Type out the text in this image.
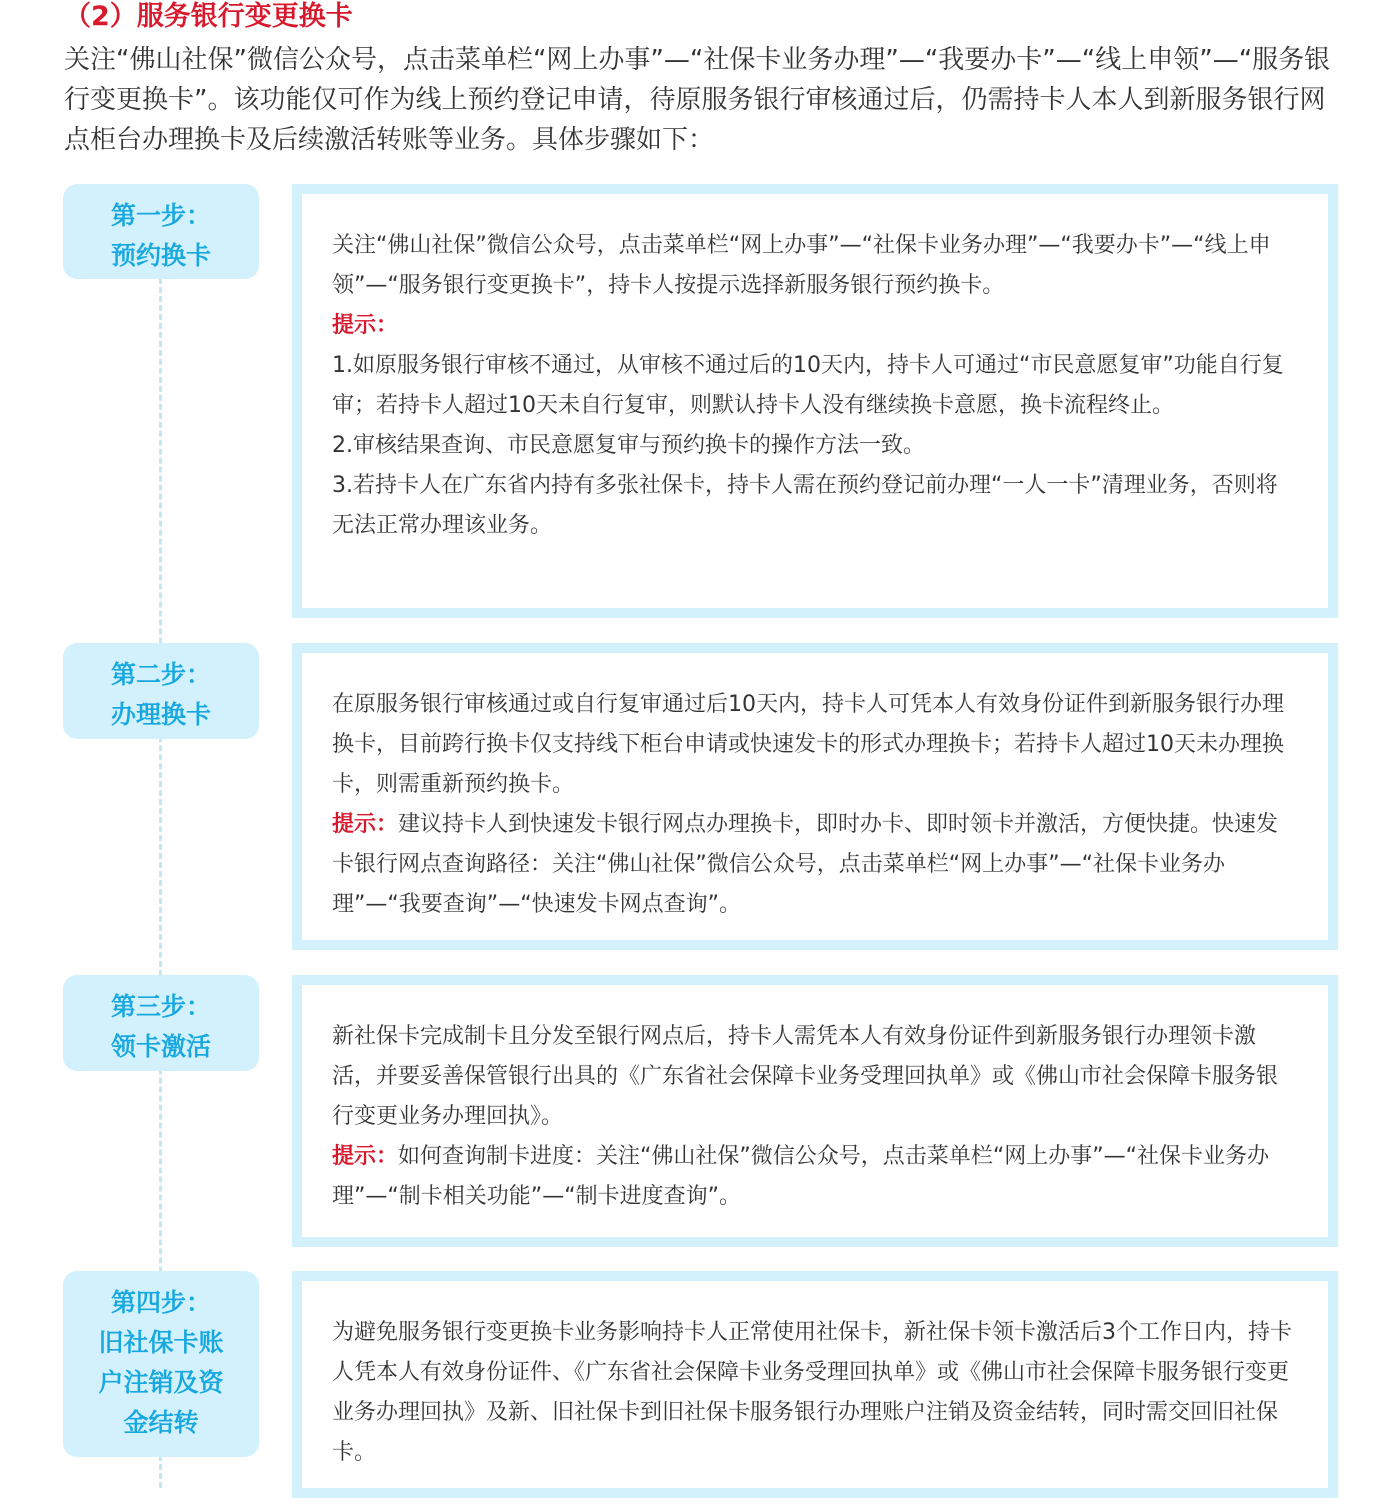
（2）服务银行变更换卡

关注“佛山社保”微信公众号，点击菜单栏“网上办事”—“社保卡业务办理”—“我要办卡”—“线上申领”—“服务银行变更换卡”。该功能仅可作为线上预约登记申请，待原服务银行审核通过后，仍需持卡人本人到新服务银行网点柜台办理换卡及后续激活转账等业务。具体步骤如下：

第一步：
预约换卡	关注“佛山社保”微信公众号，点击菜单栏“网上办事”—“社保卡业务办理”—“我要办卡”—“线上申领”—“服务银行变更换卡”，持卡人按提示选择新服务银行预约换卡。

提示：

1.如原服务银行审核不通过，从审核不通过后的10天内，持卡人可通过“市民意愿复审”功能自行复审；若持卡人超过10天未自行复审，则默认持卡人没有继续换卡意愿，换卡流程终止。

2.审核结果查询、市民意愿复审与预约换卡的操作方法一致。

3.若持卡人在广东省内持有多张社保卡，持卡人需在预约登记前办理“一人一卡”清理业务，否则将无法正常办理该业务。

第二步：
办理换卡	在原服务银行审核通过或自行复审通过后10天内，持卡人可凭本人有效身份证件到新服务银行办理换卡，目前跨行换卡仅支持线下柜台申请或快速发卡的形式办理换卡；若持卡人超过10天未办理换卡，则需重新预约换卡。

提示：建议持卡人到快速发卡银行网点办理换卡，即时办卡、即时领卡并激活，方便快捷。快速发卡银行网点查询路径：关注“佛山社保”微信公众号，点击菜单栏“网上办事”—“社保卡业务办理”—“我要查询”—“快速发卡网点查询”。

第三步：
领卡激活	新社保卡完成制卡且分发至银行网点后，持卡人需凭本人有效身份证件到新服务银行办理领卡激活，并要妥善保管银行出具的《广东省社会保障卡业务受理回执单》或《佛山市社会保障卡服务银行变更业务办理回执》。

提示：如何查询制卡进度：关注“佛山社保”微信公众号，点击菜单栏“网上办事”—“社保卡业务办理”—“制卡相关功能”—“制卡进度查询”。

第四步：
旧社保卡账
户注销及资
金结转

为避免服务银行变更换卡业务影响持卡人正常使用社保卡，新社保卡领卡激活后3个工作日内，持卡人凭本人有效身份证件、《广东省社会保障卡业务受理回执单》或《佛山市社会保障卡服务银行变更业务办理回执》及新、旧社保卡到旧社保卡服务银行办理账户注销及资金结转，同时需交回旧社保卡。
